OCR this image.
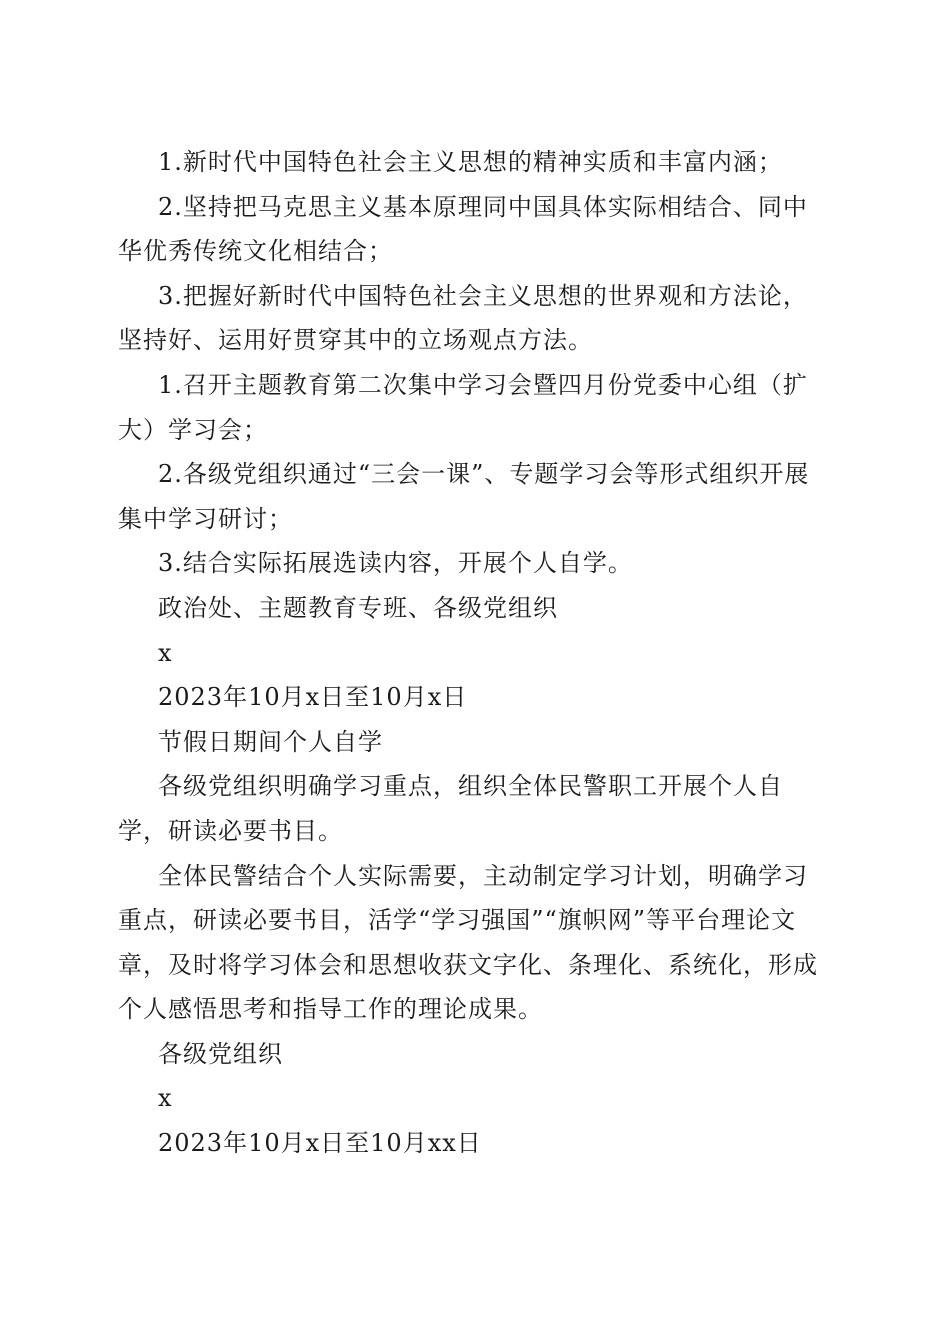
1.新时代中国特色社会主义思想的精神实质和丰富内涵；

2.坚持把马克思主义基本原理同中国具体实际相结合、同中华优秀传统文化相结合；

3.把握好新时代中国特色社会主义思想的世界观和方法论，坚持好、运用好贯穿其中的立场观点方法。

1.召开主题教育第二次集中学习会暨四月份党委中心组（扩大）学习会；

2.各级党组织通过“三会一课”、专题学习会等形式组织开展集中学习研讨；

3.结合实际拓展选读内容，开展个人自学。

政治处、主题教育专班、各级党组织

x

2023年10月x日至10月x日

节假日期间个人自学

各级党组织明确学习重点，组织全体民警职工开展个人自学，研读必要书目。

全体民警结合个人实际需要，主动制定学习计划，明确学习重点，研读必要书目，活学“学习强国”“旗帜网”等平台理论文章，及时将学习体会和思想收获文字化、条理化、系统化，形成个人感悟思考和指导工作的理论成果。

各级党组织

x

2023年10月x日至10月xx日
